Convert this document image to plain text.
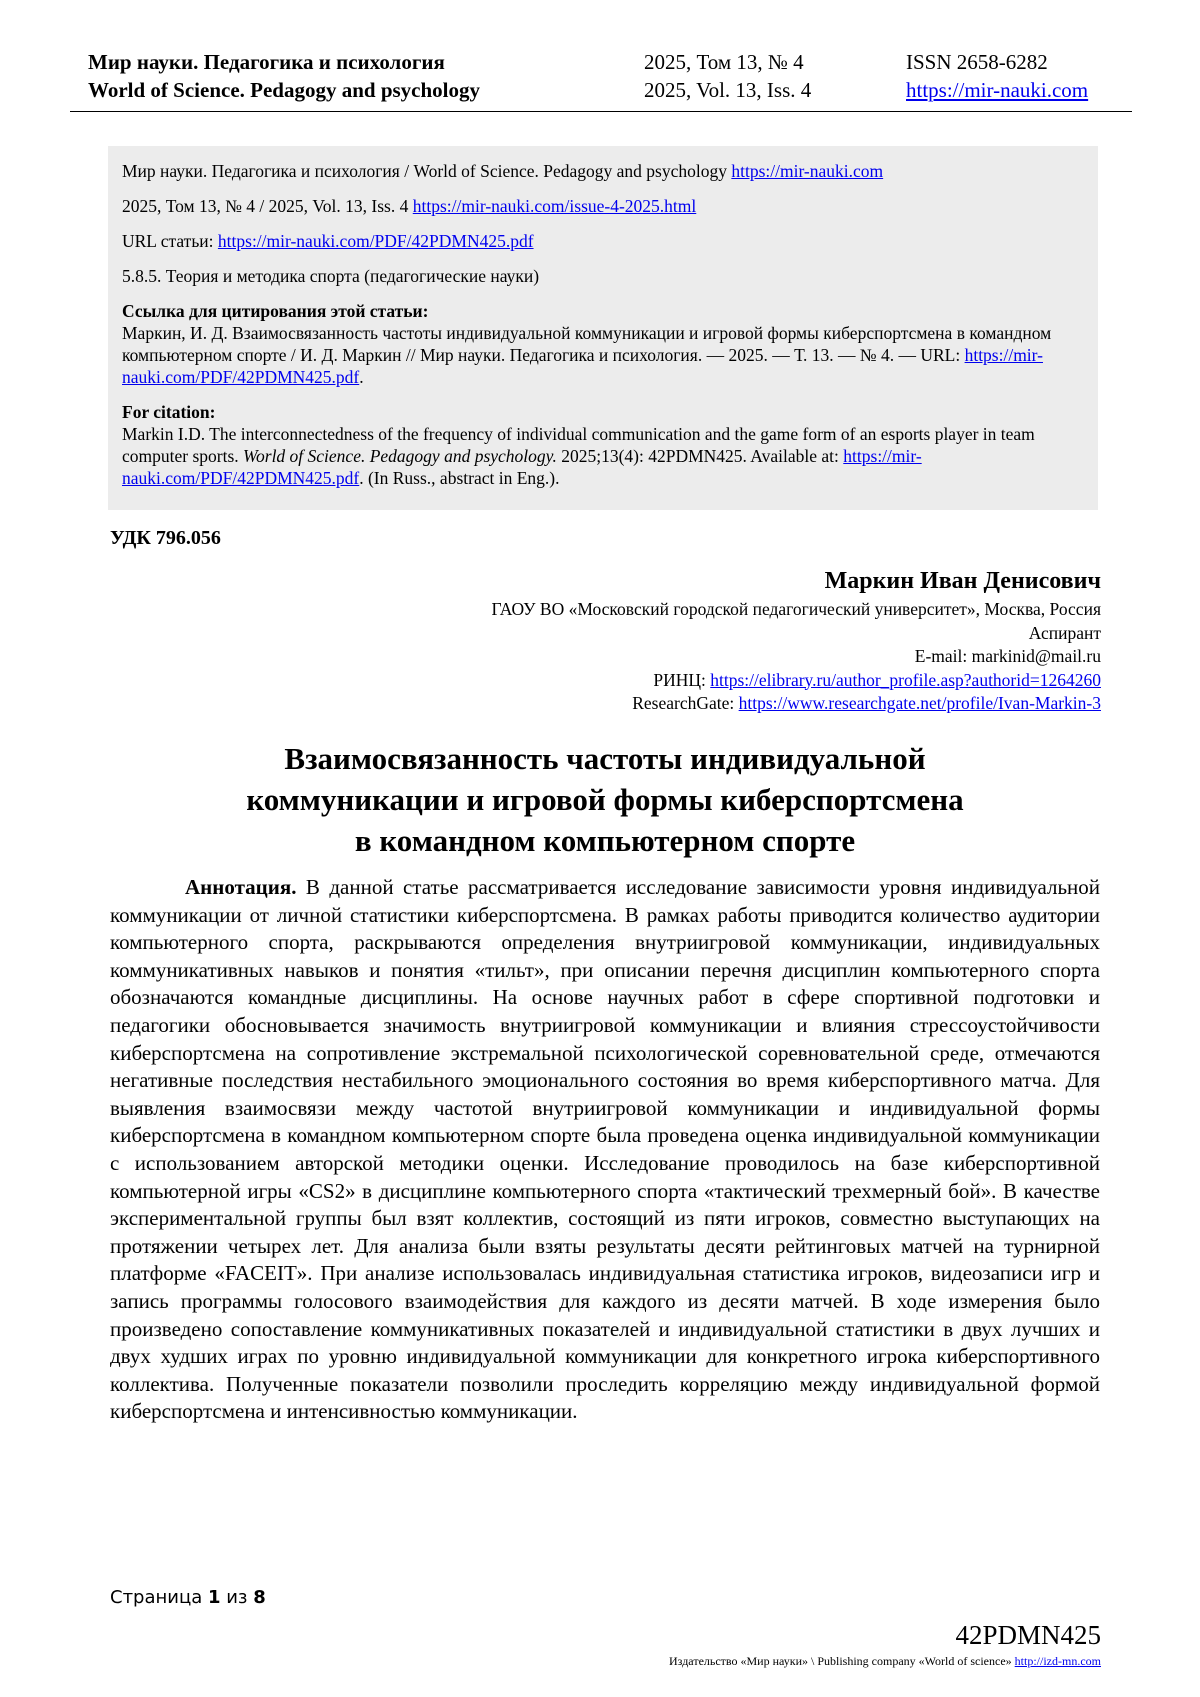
Мир науки. Педагогика и психология	2025, Том 13, № 4	ISSN 2658-6282
World of Science. Pedagogy and psychology	2025, Vol. 13, Iss. 4	https://mir-nauki.com

Мир науки. Педагогика и психология / World of Science. Pedagogy and psychology https://mir-nauki.com

2025, Том 13, № 4 / 2025, Vol. 13, Iss. 4 https://mir-nauki.com/issue-4-2025.html

URL статьи: https://mir-nauki.com/PDF/42PDMN425.pdf

5.8.5. Теория и методика спорта (педагогические науки)

Ссылка для цитирования этой статьи:

Маркин, И. Д. Взаимосвязанность частоты индивидуальной коммуникации и игровой формы киберспортсмена в командном компьютерном спорте / И. Д. Маркин // Мир науки. Педагогика и психология. — 2025. — Т. 13. — № 4. — URL: https://mir-nauki.com/PDF/42PDMN425.pdf.

For citation:

Markin I.D. The interconnectedness of the frequency of individual communication and the game form of an esports player in team computer sports. World of Science. Pedagogy and psychology. 2025;13(4): 42PDMN425. Available at: https://mir-nauki.com/PDF/42PDMN425.pdf. (In Russ., abstract in Eng.).

УДК 796.056
Маркин Иван Денисович
ГАОУ ВО «Московский городской педагогический университет», Москва, Россия
Аспирант
E-mail: markinid@mail.ru
РИНЦ: https://elibrary.ru/author_profile.asp?authorid=1264260
ResearchGate: https://www.researchgate.net/profile/Ivan-Markin-3
Взаимосвязанность частоты индивидуальной
коммуникации и игровой формы киберспортсмена
в командном компьютерном спорте

Аннотация. В данной статье рассматривается исследование зависимости уровня индивидуальной коммуникации от личной статистики киберспортсмена. В рамках работы приводится количество аудитории компьютерного спорта, раскрываются определения внутриигровой коммуникации, индивидуальных коммуникативных навыков и понятия «тильт», при описании перечня дисциплин компьютерного спорта обозначаются командные дисциплины. На основе научных работ в сфере спортивной подготовки и педагогики обосновывается значимость внутриигровой коммуникации и влияния стрессоустойчивости киберспортсмена на сопротивление экстремальной психологической соревновательной среде, отмечаются негативные последствия нестабильного эмоционального состояния во время киберспортивного матча. Для выявления взаимосвязи между частотой внутриигровой коммуникации и индивидуальной формы киберспортсмена в командном компьютерном спорте была проведена оценка индивидуальной коммуникации с использованием авторской методики оценки. Исследование проводилось на базе киберспортивной компьютерной игры «CS2» в дисциплине компьютерного спорта «тактический трехмерный бой». В качестве экспериментальной группы был взят коллектив, состоящий из пяти игроков, совместно выступающих на протяжении четырех лет. Для анализа были взяты результаты десяти рейтинговых матчей на турнирной платформе «FACEIT». При анализе использовалась индивидуальная статистика игроков, видеозаписи игр и запись программы голосового взаимодействия для каждого из десяти матчей. В ходе измерения было произведено сопоставление коммуникативных показателей и индивидуальной статистики в двух лучших и двух худших играх по уровню индивидуальной коммуникации для конкретного игрока киберспортивного коллектива. Полученные показатели позволили проследить корреляцию между индивидуальной формой киберспортсмена и интенсивностью коммуникации.

Страница 1 из 8
42PDMN425
Издательство «Мир науки» \ Publishing company «World of science» http://izd-mn.com
